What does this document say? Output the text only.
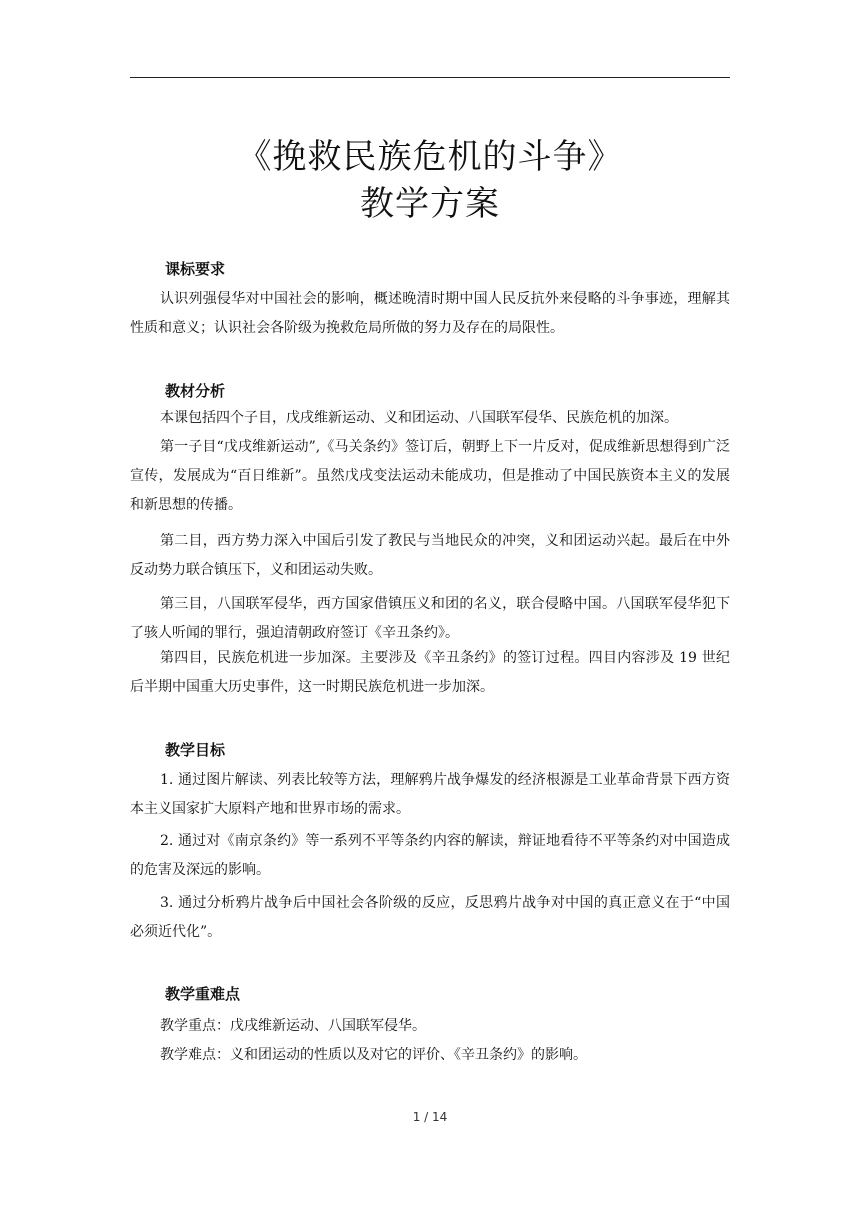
《挽救民族危机的斗争》
教学方案
课标要求

认识列强侵华对中国社会的影响，概述晚清时期中国人民反抗外来侵略的斗争事迹，理解其性质和意义；认识社会各阶级为挽救危局所做的努力及存在的局限性。

教材分析

本课包括四个子目，戊戌维新运动、义和团运动、八国联军侵华、民族危机的加深。

第一子目“戊戌维新运动”,《马关条约》签订后，朝野上下一片反对，促成维新思想得到广泛宣传，发展成为“百日维新”。虽然戊戌变法运动未能成功，但是推动了中国民族资本主义的发展和新思想的传播。

第二目，西方势力深入中国后引发了教民与当地民众的冲突，义和团运动兴起。最后在中外反动势力联合镇压下，义和团运动失败。

第三目，八国联军侵华，西方国家借镇压义和团的名义，联合侵略中国。八国联军侵华犯下了骇人听闻的罪行，强迫清朝政府签订《辛丑条约》。

第四目，民族危机进一步加深。主要涉及《辛丑条约》的签订过程。四目内容涉及 19 世纪后半期中国重大历史事件，这一时期民族危机进一步加深。

教学目标

1. 通过图片解读、列表比较等方法，理解鸦片战争爆发的经济根源是工业革命背景下西方资本主义国家扩大原料产地和世界市场的需求。

2. 通过对《南京条约》等一系列不平等条约内容的解读，辩证地看待不平等条约对中国造成的危害及深远的影响。

3. 通过分析鸦片战争后中国社会各阶级的反应，反思鸦片战争对中国的真正意义在于“中国必须近代化”。

教学重难点

教学重点：戊戌维新运动、八国联军侵华。

教学难点：义和团运动的性质以及对它的评价、《辛丑条约》的影响。

1 / 14
